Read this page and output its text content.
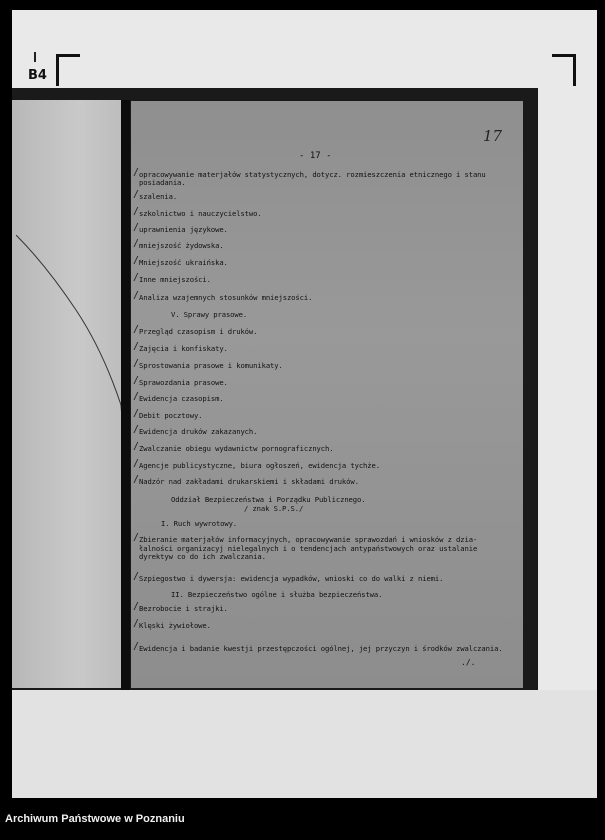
B4
- 17 -
17
/ opracowywanie materjałów statystycznych, dotycz. rozmieszczenia etnicznego i stanu
posiadania.
/ szalenia.
/ szkolnictwo i nauczycielstwo.
/ uprawnienia językowe.
/ mniejszość żydowska.
/ Mniejszość ukraińska.
/ Inne mniejszości.
/ Analiza wzajemnych stosunków mniejszości.
V. Sprawy prasowe.
/ Przegląd czasopism i druków.
/ Zajęcia i konfiskaty.
/ Sprostowania prasowe i komunikaty.
/ Sprawozdania prasowe.
/ Ewidencja czasopism.
/ Debit pocztowy.
/ Ewidencja druków zakazanych.
/ Zwalczanie obiegu wydawnictw pornograficznych.
/ Agencje publicystyczne, biura ogłoszeń, ewidencja tychże.
/ Nadzór nad zakładami drukarskiemi i składami druków.
Oddział Bezpieczeństwa i Porządku Publicznego.
/ znak S.P.S./
I. Ruch wywrotowy.
/ Zbieranie materjałów informacyjnych, opracowywanie sprawozdań i wniosków z dzia-
łalności organizacyj nielegalnych i o tendencjach antypaństwowych oraz ustalanie
dyrektyw co do ich zwalczania.
/ Szpiegostwo i dywersja: ewidencja wypadków, wnioski co do walki z niemi.
II. Bezpieczeństwo ogólne i służba bezpieczeństwa.
/ Bezrobocie i strajki.
/ Klęski żywiołowe.
/ Ewidencja i badanie kwestji przestępczości ogólnej, jej przyczyn i środków zwalczania.
./.
Archiwum Państwowe w Poznaniu
